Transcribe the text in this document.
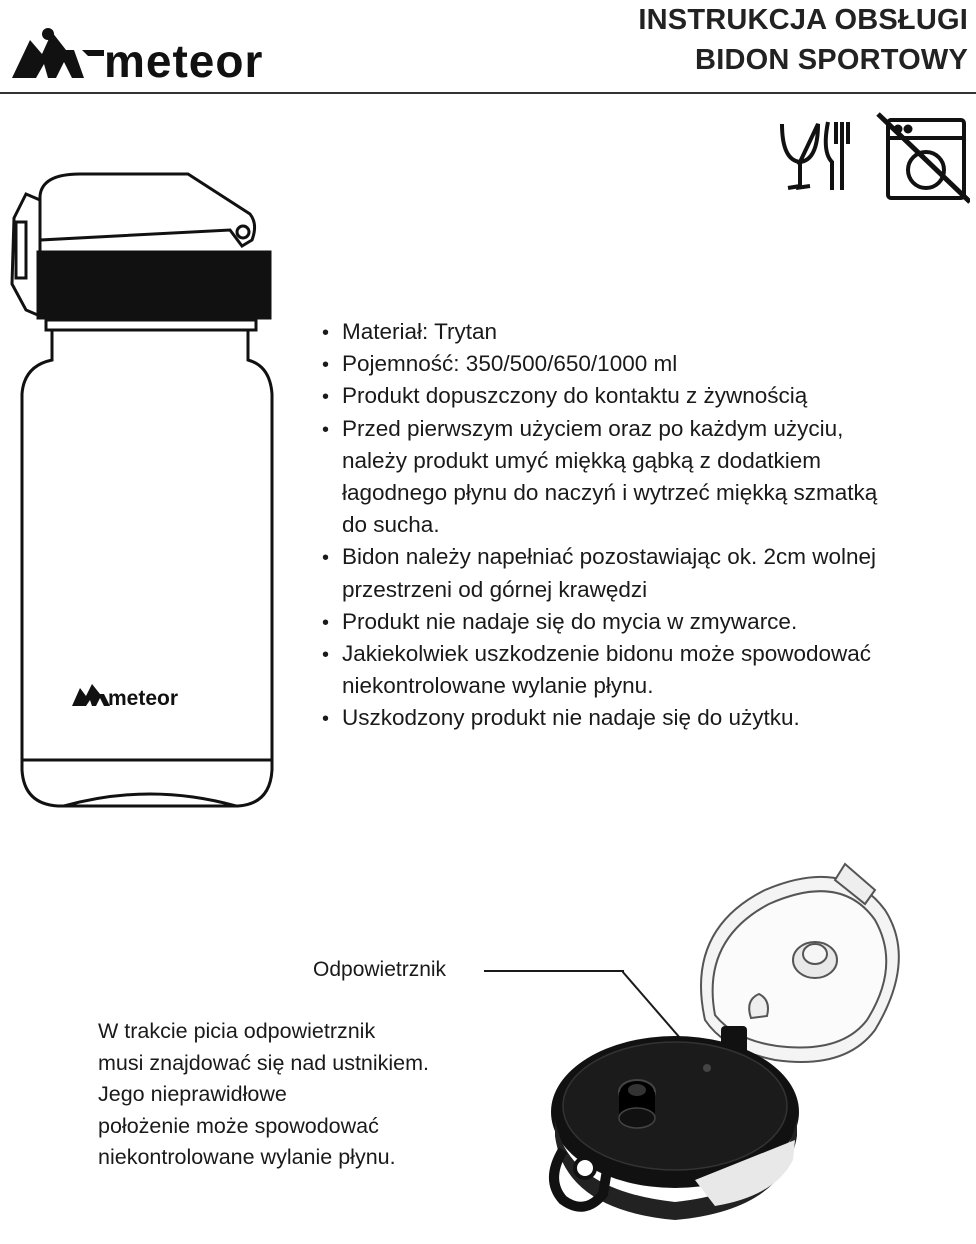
meteor
INSTRUKCJA OBSŁUGI
BIDON SPORTOWY
meteor
• Materiał: Trytan
• Pojemność: 350/500/650/1000 ml
• Produkt dopuszczony do kontaktu z żywnością
• Przed pierwszym użyciem oraz po każdym użyciu, należy produkt umyć miękką gąbką z dodatkiem łagodnego płynu do naczyń i wytrzeć miękką szmatką do sucha.
• Bidon należy napełniać pozostawiając ok. 2cm wolnej przestrzeni od górnej krawędzi
• Produkt nie nadaje się do mycia w zmywarce.
• Jakiekolwiek uszkodzenie bidonu może spowodować niekontrolowane wylanie płynu.
• Uszkodzony produkt nie nadaje się do użytku.
Odpowietrznik

W trakcie picia odpowietrznik
musi znajdować się nad ustnikiem.
Jego nieprawidłowe
położenie może spowodować
niekontrolowane wylanie płynu.
